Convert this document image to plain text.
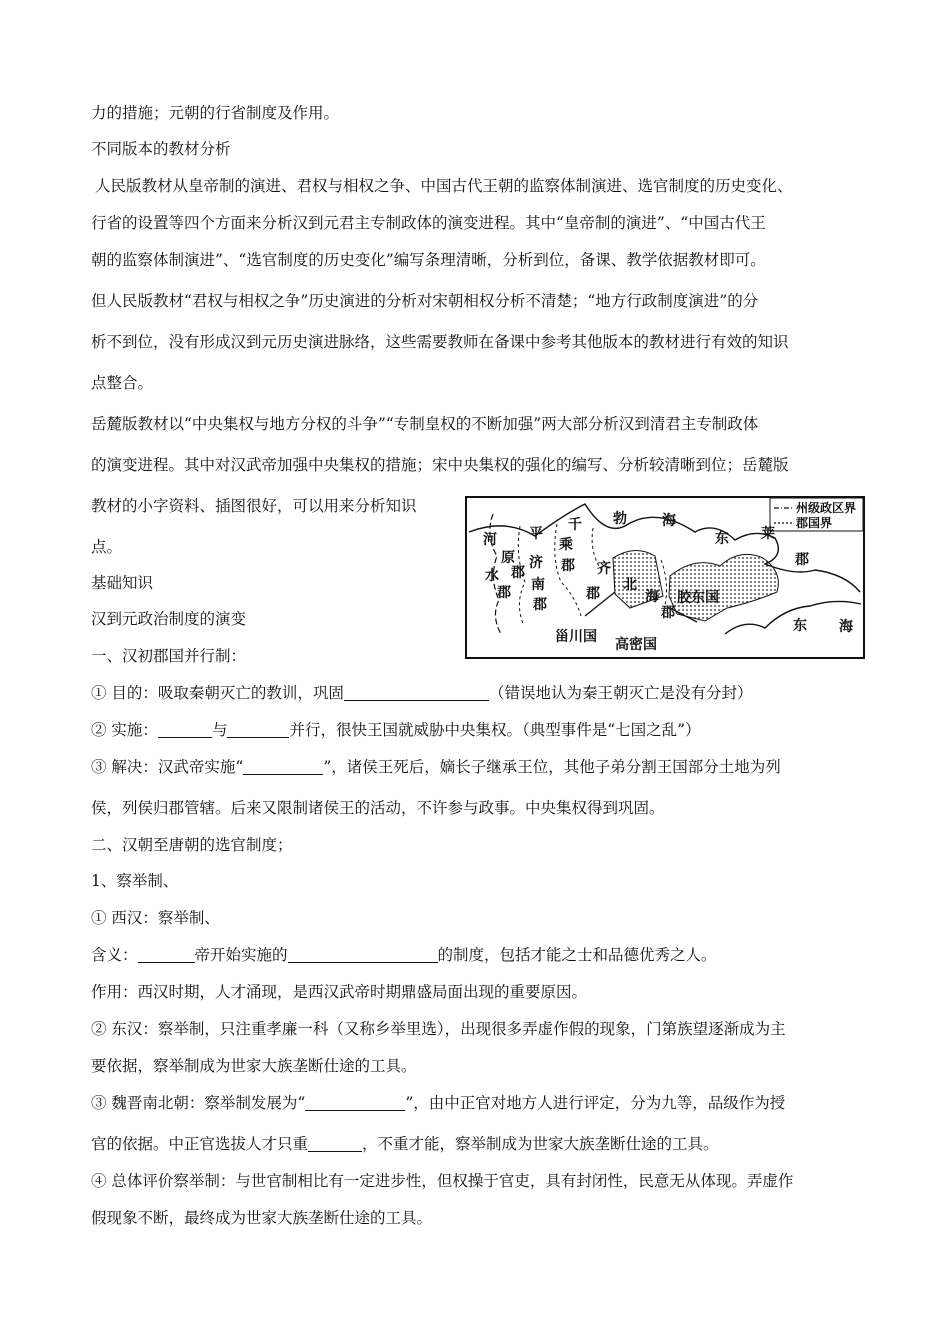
力的措施；元朝的行省制度及作用。

不同版本的教材分析

人民版教材从皇帝制的演进、君权与相权之争、中国古代王朝的监察体制演进、选官制度的历史变化、

行省的设置等四个方面来分析汉到元君主专制政体的演变进程。其中“皇帝制的演进”、“中国古代王

朝的监察体制演进”、“选官制度的历史变化”编写条理清晰，分析到位，备课、教学依据教材即可。

但人民版教材“君权与相权之争”历史演进的分析对宋朝相权分析不清楚；“地方行政制度演进”的分

析不到位，没有形成汉到元历史演进脉络，这些需要教师在备课中参考其他版本的教材进行有效的知识

点整合。

岳麓版教材以“中央集权与地方分权的斗争”“专制皇权的不断加强”两大部分析汉到清君主专制政体

的演变进程。其中对汉武帝加强中央集权的措施；宋中央集权的强化的编写、分析较清晰到位；岳麓版

教材的小字资料、插图很好，可以用来分析知识

点。

基础知识

汉到元政治制度的演变

一、汉初郡国并行制：

① 目的：吸取秦朝灭亡的教训，巩固	（错误地认为秦王朝灭亡是没有分封）

② 实施：	与	并行，很快王国就威胁中央集权。（典型事件是“七国之乱”）

③ 解决：汉武帝实施“	”，诸侯王死后，嫡长子继承王位，其他子弟分割王国部分土地为列

侯，列侯归郡管辖。后来又限制诸侯王的活动，不许参与政事。中央集权得到巩固。

二、汉朝至唐朝的选官制度；

1、察举制、

① 西汉：察举制、

含义：	帝开始实施的	的制度，包括才能之士和品德优秀之人。

作用：西汉时期，人才涌现，是西汉武帝时期鼎盛局面出现的重要原因。

② 东汉：察举制，只注重孝廉一科（又称乡举里选），出现很多弄虚作假的现象，门第族望逐渐成为主

要依据，察举制成为世家大族垄断仕途的工具。

③ 魏晋南北朝：察举制发展为“	”，由中正官对地方人进行评定，分为九等，品级作为授

官的依据。中正官选拔人才只重	，不重才能，察举制成为世家大族垄断仕途的工具。

④ 总体评价察举制：与世官制相比有一定进步性，但权操于官吏，具有封闭性，民意无从体现。弄虚作

假现象不断，最终成为世家大族垄断仕途的工具。

州级政区界
郡国界
河
水
郡
平
原
郡
济
南
郡
千
乘
郡
勃	海
齐
郡
北
海
郡
东 莱
郡
胶东国
甾川国 高密国
东 海
